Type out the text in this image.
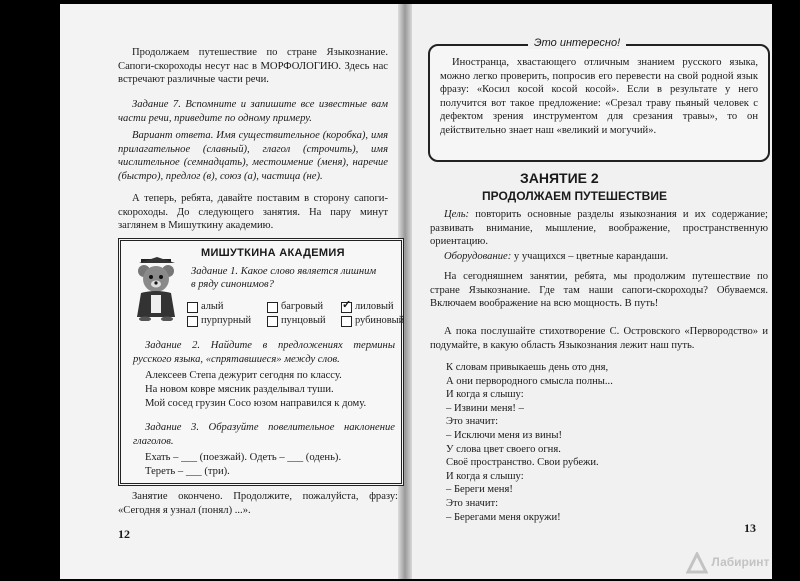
Продолжаем путешествие по стране Языкознание. Сапоги-скороходы несут нас в МОРФОЛОГИЮ. Здесь нас встречают различные части речи.
Задание 7. Вспомните и запишите все известные вам части речи, приведите по одному примеру.
Вариант ответа. Имя существительное (коробка), имя прилагательное (славный), глагол (строчить), имя числительное (семнадцать), местоимение (меня), наречие (быстро), предлог (в), союз (а), частица (не).
А теперь, ребята, давайте поставим в сторону сапоги-скороходы. До следующего занятия. На пару минут заглянем в Мишуткину академию.
МИШУТКИНА АКАДЕМИЯ
Задание 1. Какое слово является лишним
в ряду синонимов?
алый	багровый
✓	лиловый
пурпурный	пунцовый	рубиновый
Задание 2. Найдите в предложениях термины русского языка, «спрятавшиеся» между слов.
Алексеев Степа дежурит сегодня по классу.
На новом ковре мясник разделывал туши.
Мой сосед грузин Сосо юзом направился к дому.
Задание 3. Образуйте повелительное наклонение глаголов.
Ехать – ___ (поезжай). Одеть – ___ (одень).
Тереть – ___ (три).
Занятие окончено. Продолжите, пожалуйста, фразу: «Сегодня я узнал (понял) ...».
12
Это интересно!
Иностранца, хвастающего отличным знанием русского языка, можно легко проверить, попросив его перевести на свой родной язык фразу: «Косил косой косой косой». Если в результате у него получится вот такое предложение: «Срезал траву пьяный человек с дефектом зрения инструментом для срезания травы», то он действительно знает наш «великий и могучий».
ЗАНЯТИЕ 2
ПРОДОЛЖАЕМ ПУТЕШЕСТВИЕ
Цель: повторить основные разделы языкознания и их содержание; развивать внимание, мышление, воображение, пространственную ориентацию.
Оборудование: у учащихся – цветные карандаши.
На сегодняшнем занятии, ребята, мы продолжим путешествие по стране Языкознание. Где там наши сапоги-скороходы? Обуваемся. Включаем воображение на всю мощность. В путь!
А пока послушайте стихотворение С. Островского «Первородство» и подумайте, в какую область Языкознания лежит наш путь.
К словам привыкаешь день ото дня,
А они первородного смысла полны...
И когда я слышу:
– Извини меня! –
Это значит:
– Исключи меня из вины!
У слова цвет своего огня.
Своё пространство. Свои рубежи.
И когда я слышу:
– Береги меня!
Это значит:
– Берегами меня окружи!
13
Лабиринт
